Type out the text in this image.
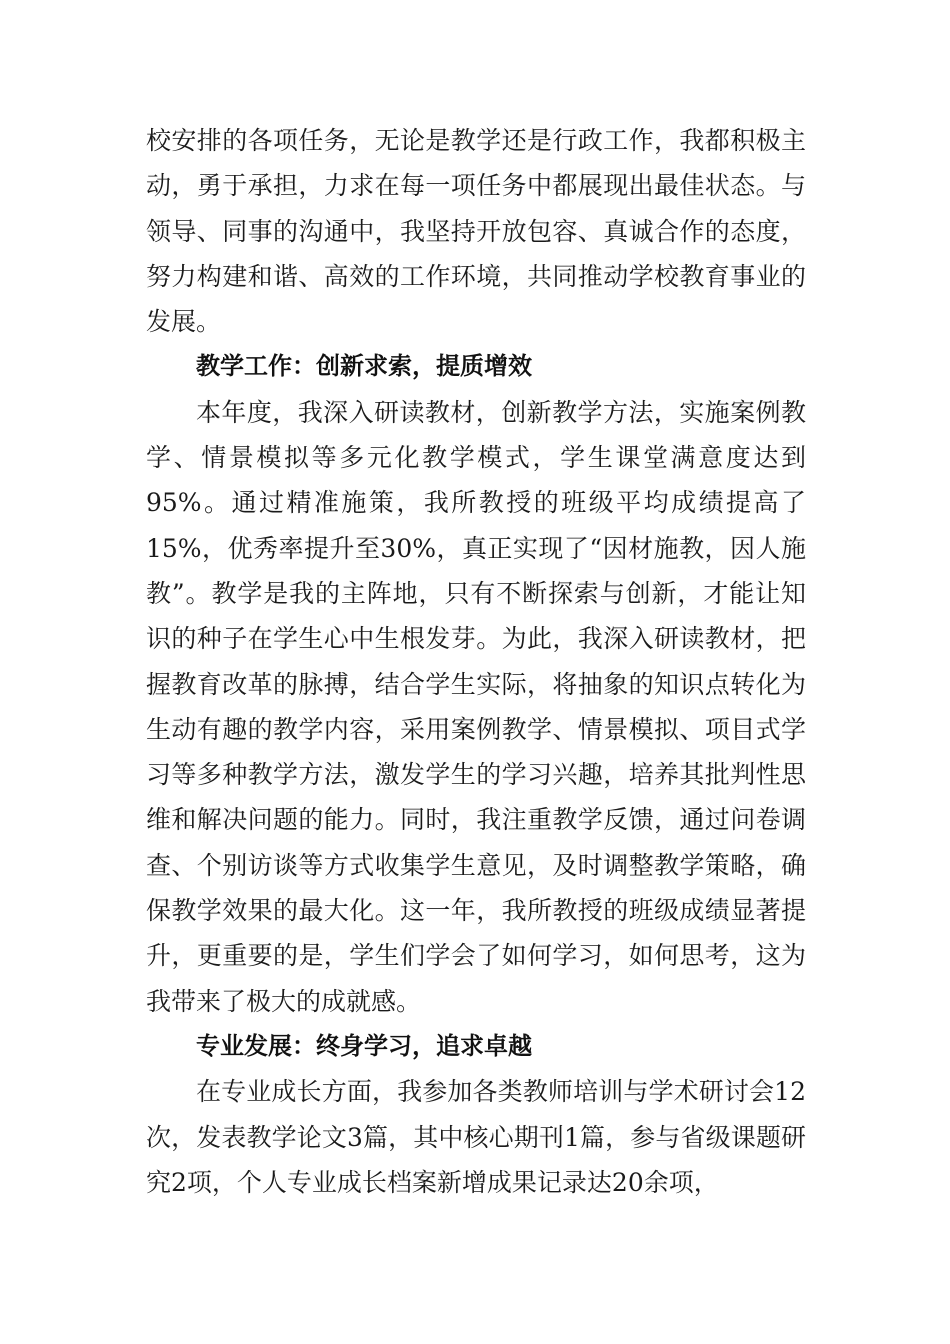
校安排的各项任务，无论是教学还是行政工作，我都积极主动，勇于承担，力求在每一项任务中都展现出最佳状态。与领导、同事的沟通中，我坚持开放包容、真诚合作的态度，努力构建和谐、高效的工作环境，共同推动学校教育事业的发展。

教学工作：创新求索，提质增效

本年度，我深入研读教材，创新教学方法，实施案例教学、情景模拟等多元化教学模式，学生课堂满意度达到95%。通过精准施策，我所教授的班级平均成绩提高了15%，优秀率提升至30%，真正实现了“因材施教，因人施教”。教学是我的主阵地，只有不断探索与创新，才能让知识的种子在学生心中生根发芽。为此，我深入研读教材，把握教育改革的脉搏，结合学生实际，将抽象的知识点转化为生动有趣的教学内容，采用案例教学、情景模拟、项目式学习等多种教学方法，激发学生的学习兴趣，培养其批判性思维和解决问题的能力。同时，我注重教学反馈，通过问卷调查、个别访谈等方式收集学生意见，及时调整教学策略，确保教学效果的最大化。这一年，我所教授的班级成绩显著提升，更重要的是，学生们学会了如何学习，如何思考，这为我带来了极大的成就感。

专业发展：终身学习，追求卓越

在专业成长方面，我参加各类教师培训与学术研讨会12次，发表教学论文3篇，其中核心期刊1篇，参与省级课题研究2项，个人专业成长档案新增成果记录达20余项，
